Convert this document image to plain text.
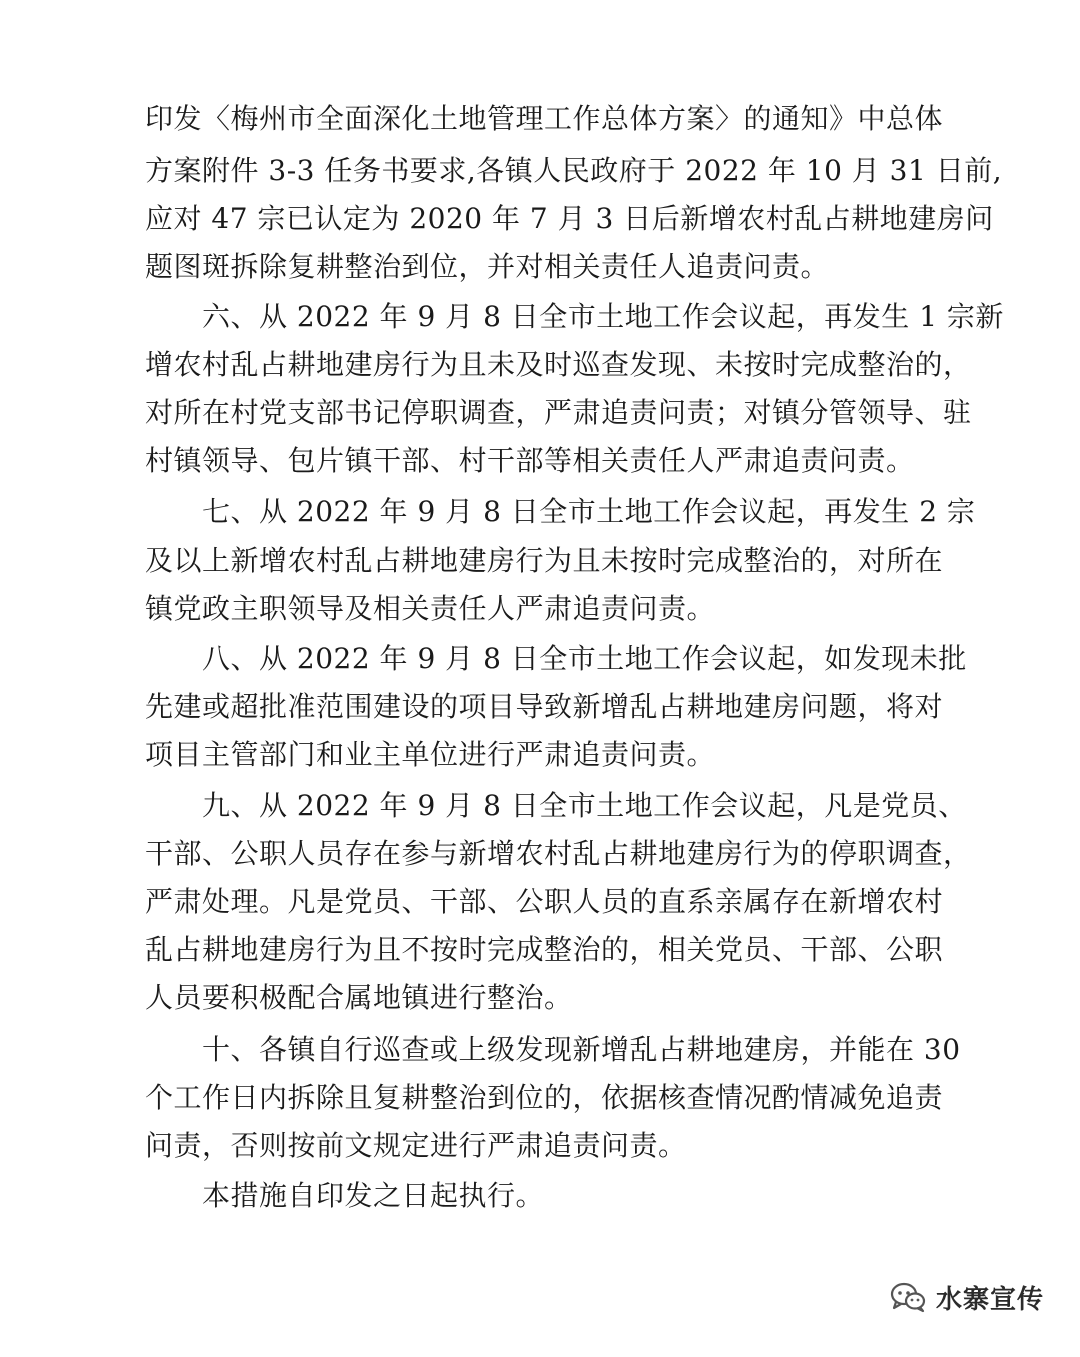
印发〈梅州市全面深化土地管理工作总体方案〉的通知》中总体
方案附件 3-3 任务书要求,各镇人民政府于 2022 年 10 月 31 日前,
应对 47 宗已认定为 2020 年 7 月 3 日后新增农村乱占耕地建房问
题图斑拆除复耕整治到位，并对相关责任人追责问责。
六、从 2022 年 9 月 8 日全市土地工作会议起，再发生 1 宗新
增农村乱占耕地建房行为且未及时巡查发现、未按时完成整治的，
对所在村党支部书记停职调查，严肃追责问责；对镇分管领导、驻
村镇领导、包片镇干部、村干部等相关责任人严肃追责问责。
七、从 2022 年 9 月 8 日全市土地工作会议起，再发生 2 宗
及以上新增农村乱占耕地建房行为且未按时完成整治的，对所在
镇党政主职领导及相关责任人严肃追责问责。
八、从 2022 年 9 月 8 日全市土地工作会议起，如发现未批
先建或超批准范围建设的项目导致新增乱占耕地建房问题，将对
项目主管部门和业主单位进行严肃追责问责。
九、从 2022 年 9 月 8 日全市土地工作会议起，凡是党员、
干部、公职人员存在参与新增农村乱占耕地建房行为的停职调查，
严肃处理。凡是党员、干部、公职人员的直系亲属存在新增农村
乱占耕地建房行为且不按时完成整治的，相关党员、干部、公职
人员要积极配合属地镇进行整治。
十、各镇自行巡查或上级发现新增乱占耕地建房，并能在 30
个工作日内拆除且复耕整治到位的，依据核查情况酌情减免追责
问责，否则按前文规定进行严肃追责问责。
本措施自印发之日起执行。
水寨宣传
